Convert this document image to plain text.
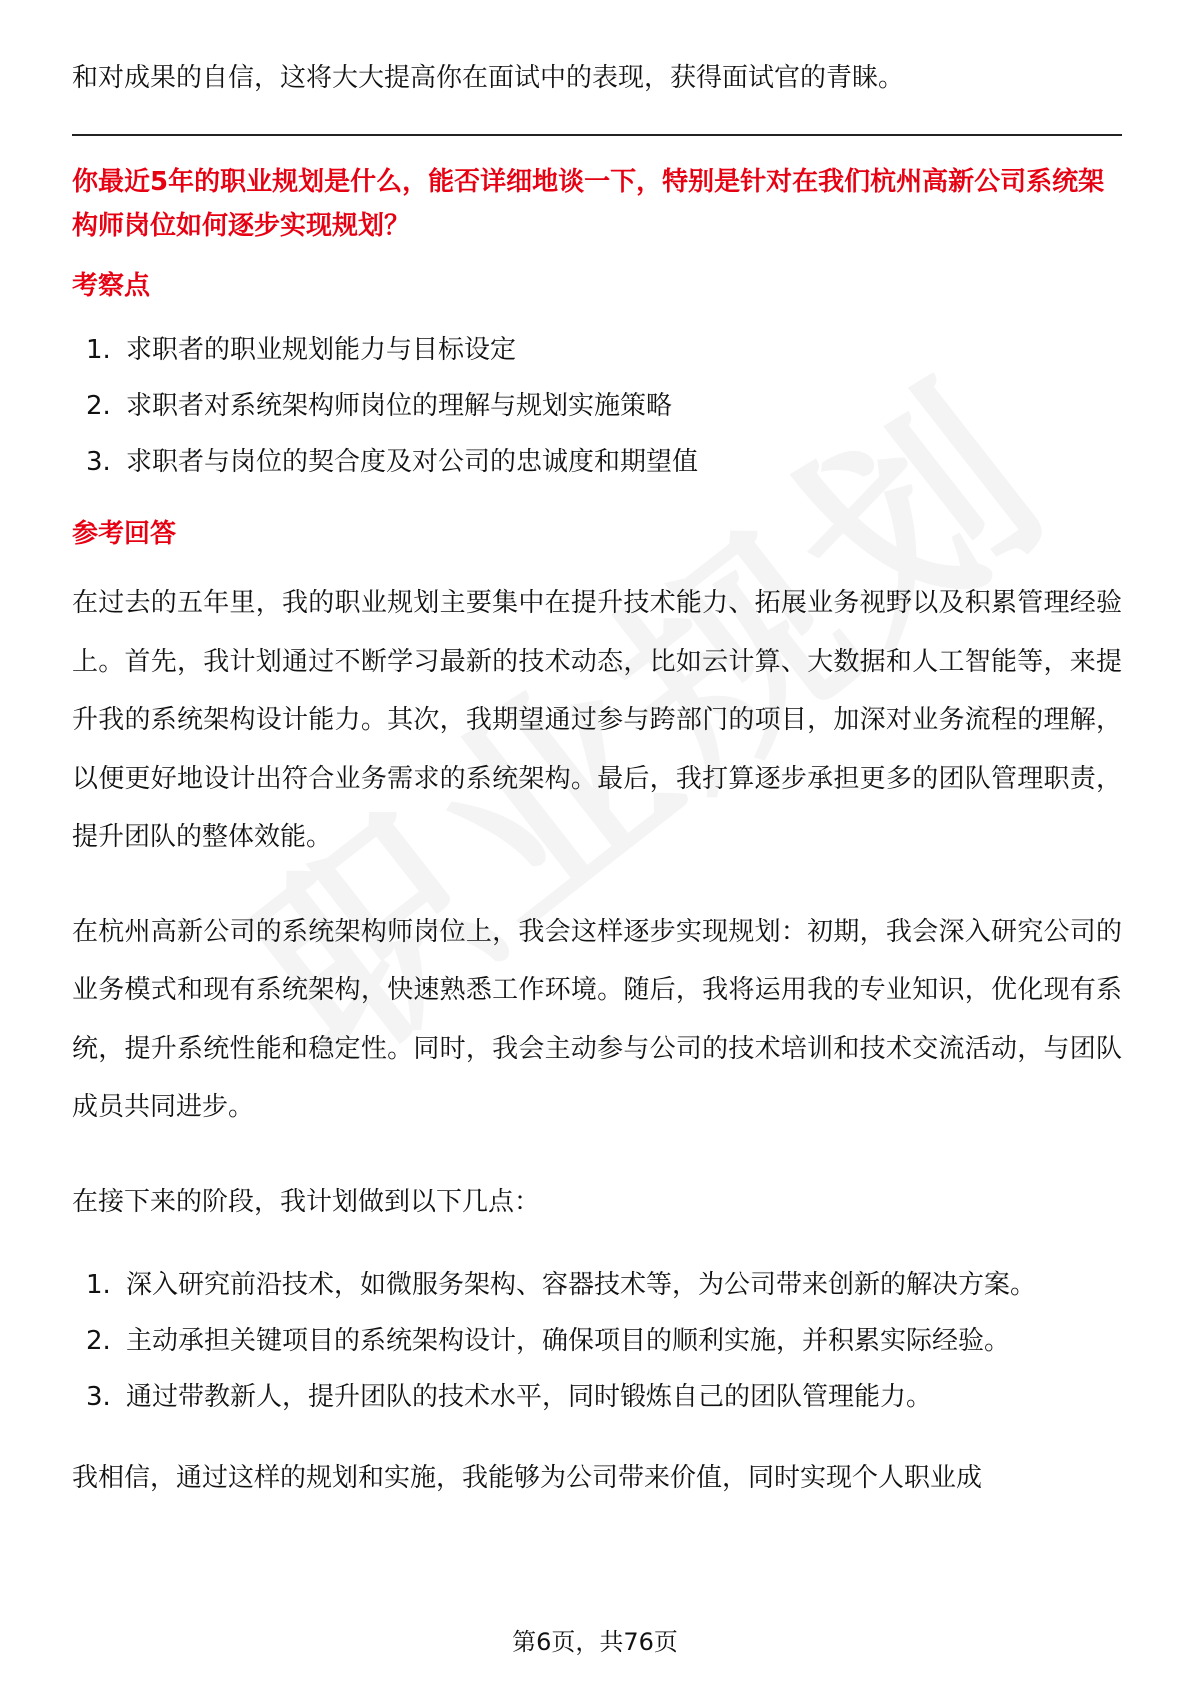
和对成果的自信，这将大大提高你在面试中的表现，获得面试官的青睐。

你最近5年的职业规划是什么，能否详细地谈一下，特别是针对在我们杭州高新公司系统架构师岗位如何逐步实现规划？

考察点
1. 求职者的职业规划能力与目标设定
2. 求职者对系统架构师岗位的理解与规划实施策略
3. 求职者与岗位的契合度及对公司的忠诚度和期望值
参考回答

在过去的五年里，我的职业规划主要集中在提升技术能力、拓展业务视野以及积累管理经验上。首先，我计划通过不断学习最新的技术动态，比如云计算、大数据和人工智能等，来提升我的系统架构设计能力。其次，我期望通过参与跨部门的项目，加深对业务流程的理解，以便更好地设计出符合业务需求的系统架构。最后，我打算逐步承担更多的团队管理职责，提升团队的整体效能。

在杭州高新公司的系统架构师岗位上，我会这样逐步实现规划：初期，我会深入研究公司的业务模式和现有系统架构，快速熟悉工作环境。随后，我将运用我的专业知识，优化现有系统，提升系统性能和稳定性。同时，我会主动参与公司的技术培训和技术交流活动，与团队成员共同进步。

在接下来的阶段，我计划做到以下几点：

1. 深入研究前沿技术，如微服务架构、容器技术等，为公司带来创新的解决方案。
2. 主动承担关键项目的系统架构设计，确保项目的顺利实施，并积累实际经验。
3. 通过带教新人，提升团队的技术水平，同时锻炼自己的团队管理能力。

我相信，通过这样的规划和实施，我能够为公司带来价值，同时实现个人职业成

第6页，共76页
